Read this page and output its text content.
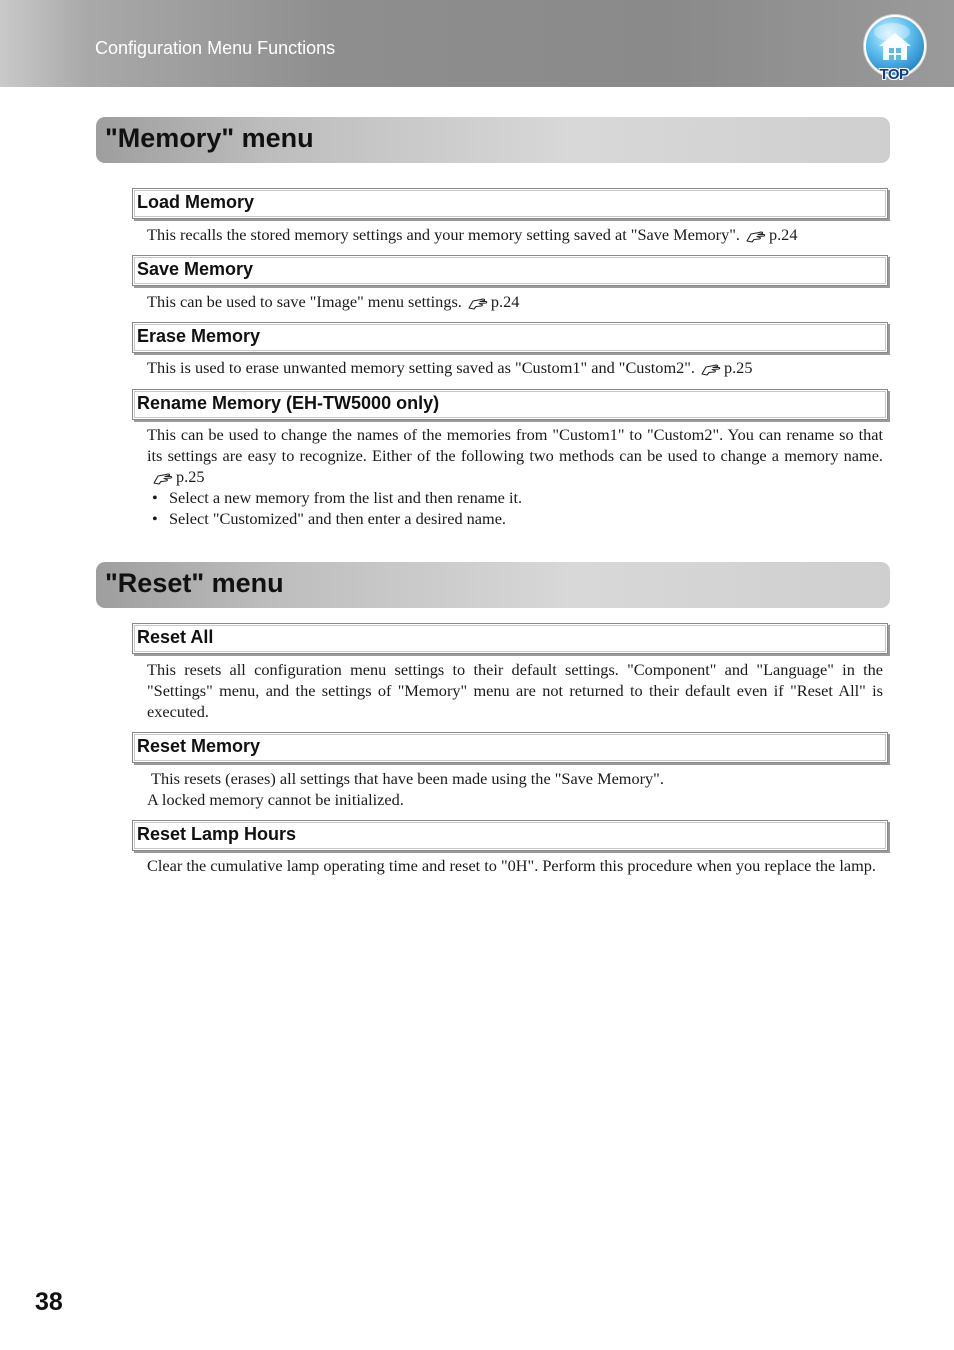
Configuration Menu Functions
TOP
"Memory" menu
Load Memory
This recalls the stored memory settings and your memory setting saved at "Save Memory". p.24
Save Memory
This can be used to save "Image" menu settings. p.24
Erase Memory
This is used to erase unwanted memory setting saved as "Custom1" and "Custom2". p.25
Rename Memory (EH-TW5000 only)
This can be used to change the names of the memories from "Custom1" to "Custom2". You can rename so that its settings are easy to recognize. Either of the following two methods can be used to change a memory name.p.25
• Select a new memory from the list and then rename it.
• Select "Customized" and then enter a desired name.
"Reset" menu
Reset All
This resets all configuration menu settings to their default settings. "Component" and "Language" in the "Settings" menu, and the settings of "Memory" menu are not returned to their default even if "Reset All" is executed.
Reset Memory
This resets (erases) all settings that have been made using the "Save Memory".
A locked memory cannot be initialized.
Reset Lamp Hours
Clear the cumulative lamp operating time and reset to "0H". Perform this procedure when you replace the lamp.
38
